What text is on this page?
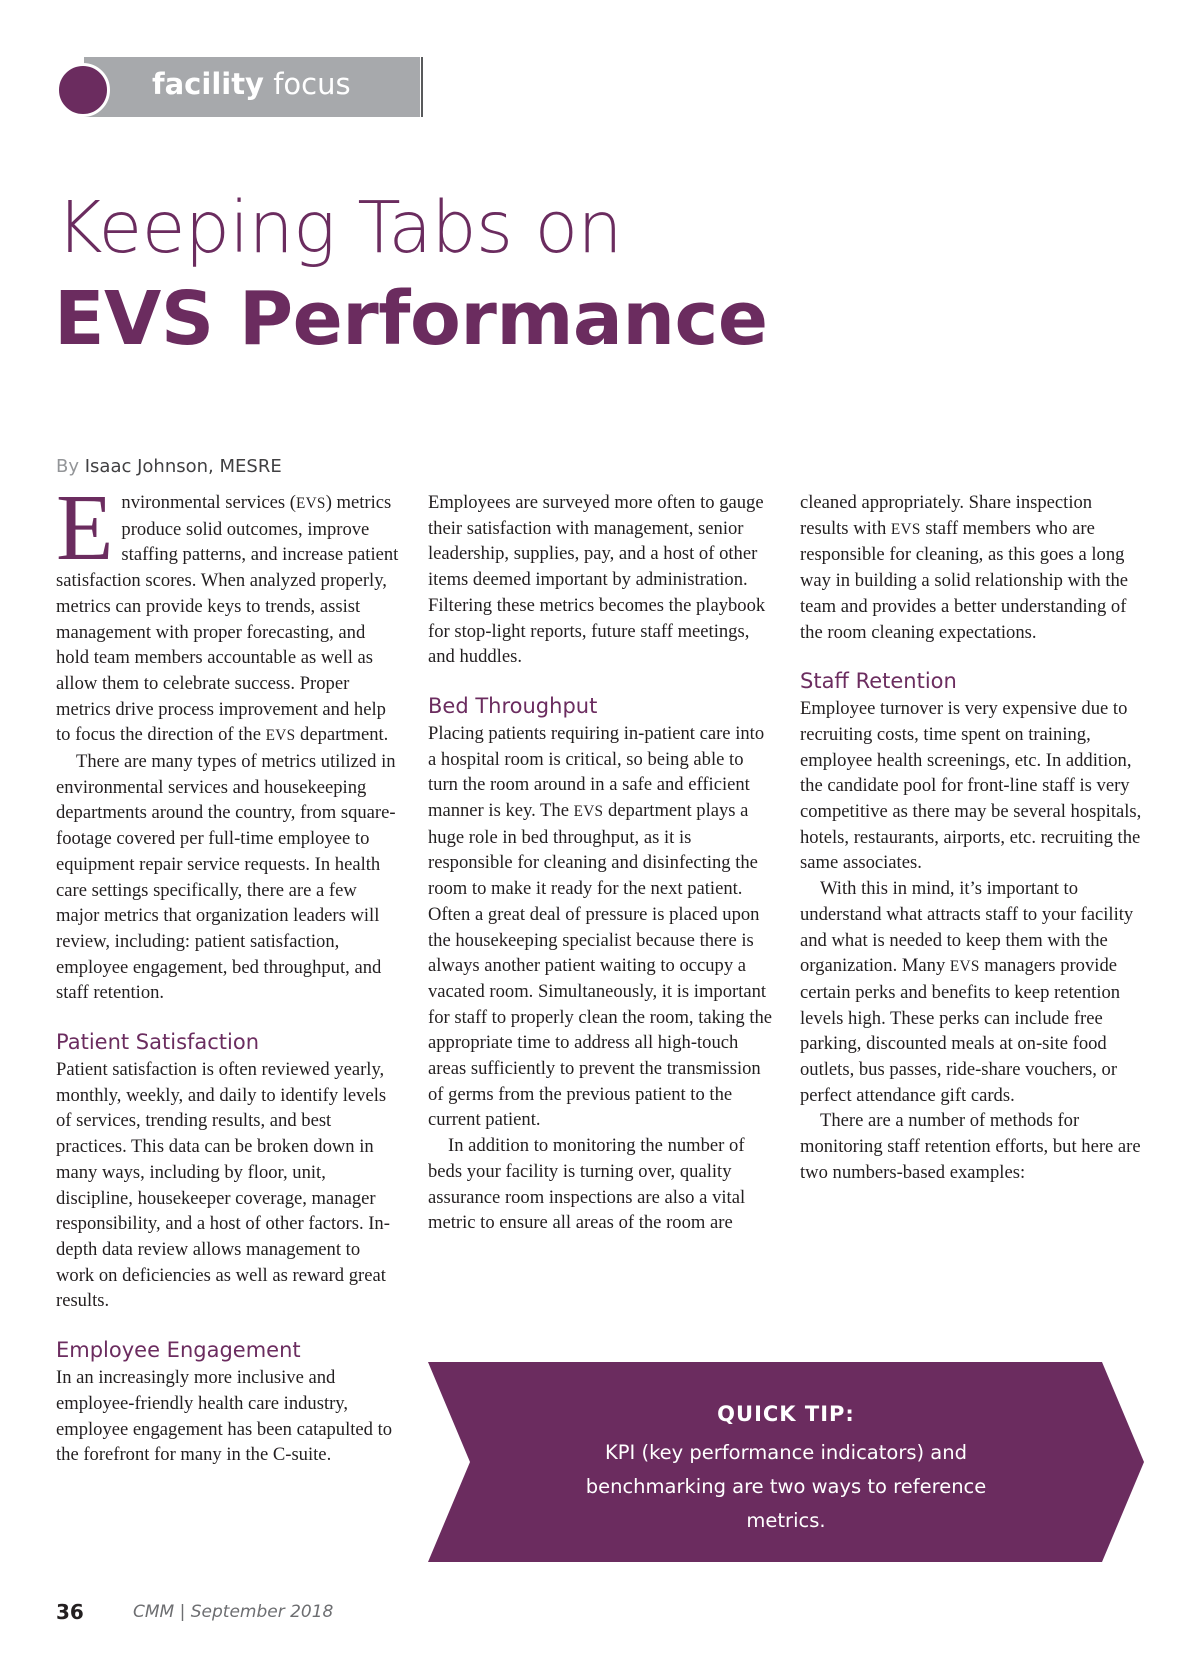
facility focus
Keeping Tabs on
EVS Performance
By Isaac Johnson, MESRE

Environmental services (EVS) metrics produce solid outcomes, improve staffing patterns, and increase patient satisfaction scores. When analyzed properly, metrics can provide keys to trends, assist management with proper forecasting, and hold team members accountable as well as allow them to celebrate success. Proper metrics drive process improvement and help to focus the direction of the EVS department.

There are many types of metrics utilized in environmental services and housekeeping departments around the country, from square-footage covered per full-time employee to equipment repair service requests. In health care settings specifically, there are a few major metrics that organization leaders will review, including: patient satisfaction, employee engagement, bed throughput, and staff retention.

Patient Satisfaction

Patient satisfaction is often reviewed yearly, monthly, weekly, and daily to identify levels of services, trending results, and best practices. This data can be broken down in many ways, including by floor, unit, discipline, housekeeper coverage, manager responsibility, and a host of other factors. In-depth data review allows management to work on deficiencies as well as reward great results.

Employee Engagement

In an increasingly more inclusive and employee-friendly health care industry, employee engagement has been catapulted to the forefront for many in the C-suite.

Employees are surveyed more often to gauge their satisfaction with management, senior leadership, supplies, pay, and a host of other items deemed important by administration. Filtering these metrics becomes the playbook for stop-light reports, future staff meetings, and huddles.

Bed Throughput

Placing patients requiring in-patient care into a hospital room is critical, so being able to turn the room around in a safe and efficient manner is key. The EVS department plays a huge role in bed throughput, as it is responsible for cleaning and disinfecting the room to make it ready for the next patient. Often a great deal of pressure is placed upon the housekeeping specialist because there is always another patient waiting to occupy a vacated room. Simultaneously, it is important for staff to properly clean the room, taking the appropriate time to address all high-touch areas sufficiently to prevent the transmission of germs from the previous patient to the current patient.

In addition to monitoring the number of beds your facility is turning over, quality assurance room inspections are also a vital metric to ensure all areas of the room are

cleaned appropriately. Share inspection results with EVS staff members who are responsible for cleaning, as this goes a long way in building a solid relationship with the team and provides a better understanding of the room cleaning expectations.

Staff Retention

Employee turnover is very expensive due to recruiting costs, time spent on training, employee health screenings, etc. In addition, the candidate pool for front-line staff is very competitive as there may be several hospitals, hotels, restaurants, airports, etc. recruiting the same associates.

With this in mind, it’s important to understand what attracts staff to your facility and what is needed to keep them with the organization. Many EVS managers provide certain perks and benefits to keep retention levels high. These perks can include free parking, discounted meals at on-site food outlets, bus passes, ride-share vouchers, or perfect attendance gift cards.

There are a number of methods for monitoring staff retention efforts, but here are two numbers-based examples:

QUICK TIP:
KPI (key performance indicators) and benchmarking are two ways to reference metrics.
36	CMM | September 2018
